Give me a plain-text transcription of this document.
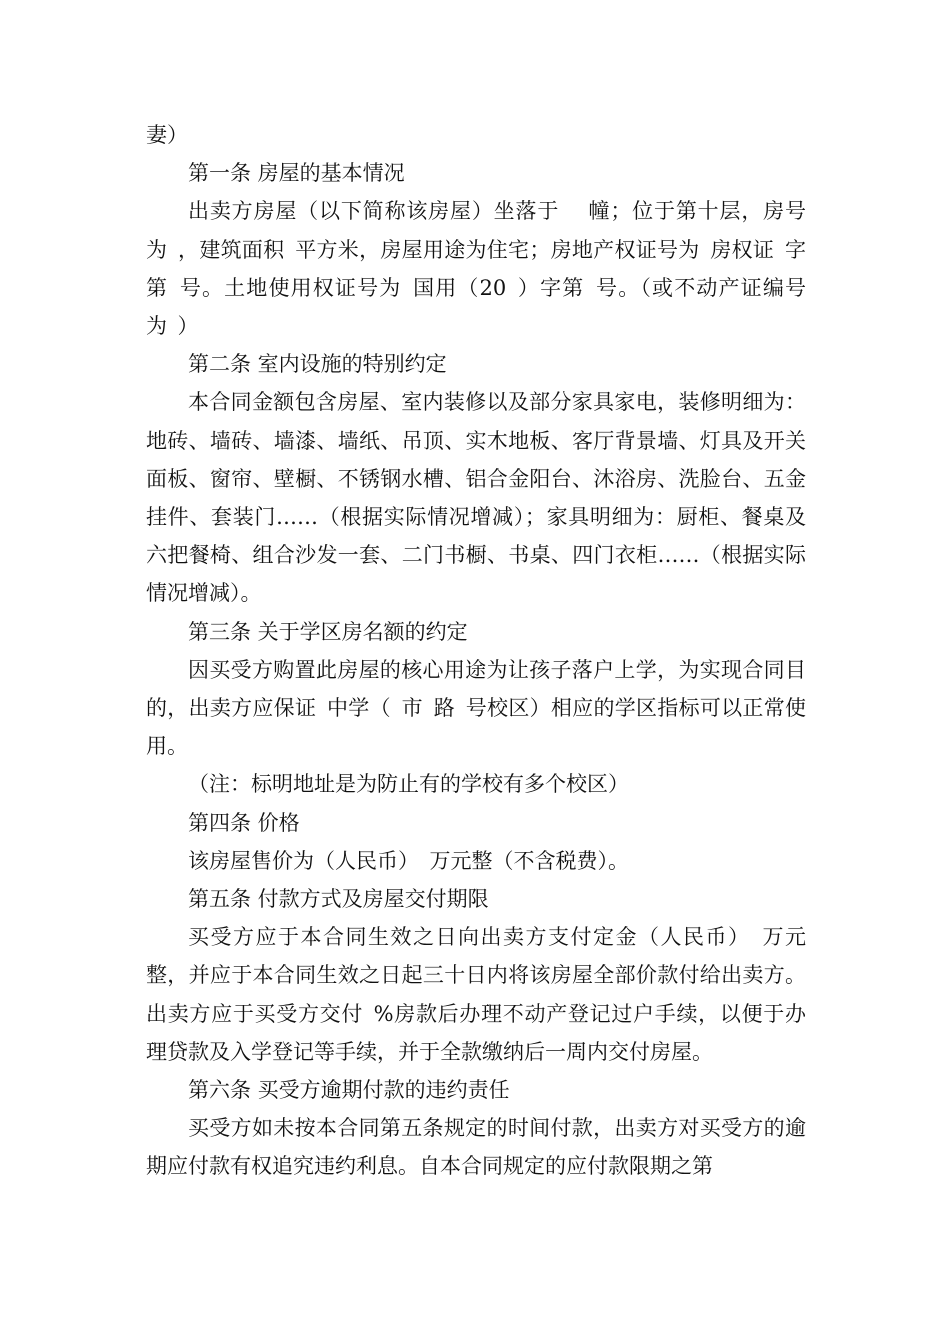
妻）

第一条 房屋的基本情况

出卖方房屋（以下简称该房屋）坐落于　 幢；位于第十层，房号为 ，建筑面积 平方米，房屋用途为住宅；房地产权证号为 房权证 字第 号。土地使用权证号为 国用（20 ）字第 号。（或不动产证编号为 ）

第二条 室内设施的特别约定

本合同金额包含房屋、室内装修以及部分家具家电，装修明细为：地砖、墙砖、墙漆、墙纸、吊顶、实木地板、客厅背景墙、灯具及开关面板、窗帘、壁橱、不锈钢水槽、铝合金阳台、沐浴房、洗脸台、五金挂件、套装门……（根据实际情况增减）；家具明细为：厨柜、餐桌及六把餐椅、组合沙发一套、二门书橱、书桌、四门衣柜……（根据实际情况增减）。

第三条 关于学区房名额的约定

因买受方购置此房屋的核心用途为让孩子落户上学，为实现合同目的，出卖方应保证 中学（ 市 路 号校区）相应的学区指标可以正常使用。

（注：标明地址是为防止有的学校有多个校区）

第四条 价格

该房屋售价为（人民币） 万元整（不含税费）。

第五条 付款方式及房屋交付期限

买受方应于本合同生效之日向出卖方支付定金（人民币） 万元整，并应于本合同生效之日起三十日内将该房屋全部价款付给出卖方。出卖方应于买受方交付 %房款后办理不动产登记过户手续，以便于办理贷款及入学登记等手续，并于全款缴纳后一周内交付房屋。

第六条 买受方逾期付款的违约责任

买受方如未按本合同第五条规定的时间付款，出卖方对买受方的逾期应付款有权追究违约利息。自本合同规定的应付款限期之第
